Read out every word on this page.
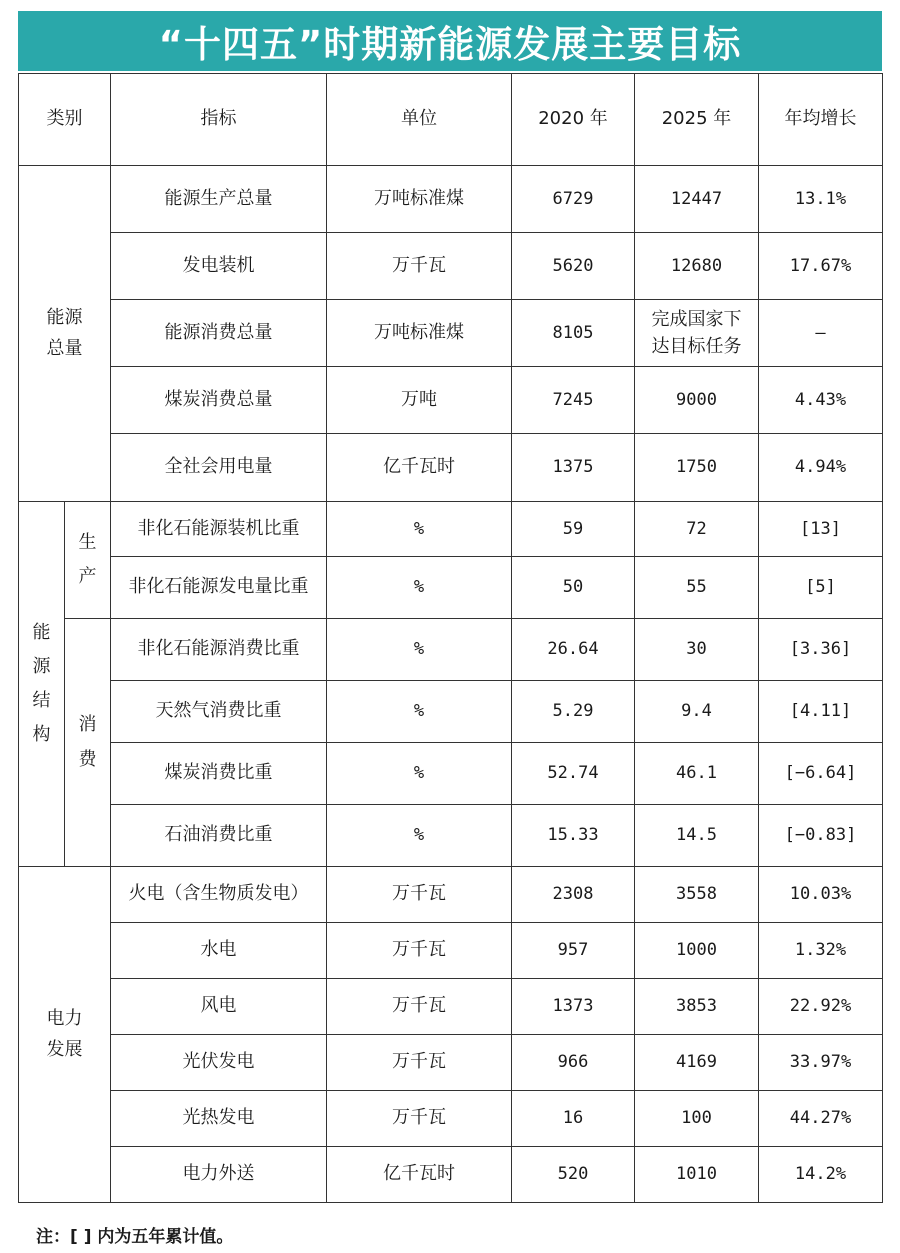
“十四五”时期新能源发展主要目标
类别		指标	单位	2020 年	2025 年	年均增长
能源总量		能源生产总量	万吨标准煤	6729	12447	13.1%
		发电装机	万千瓦	5620	12680	17.67%
		能源消费总量	万吨标准煤	8105	完成国家下达目标任务	—
		煤炭消费总量	万吨	7245	9000	4.43%
		全社会用电量	亿千瓦时	1375	1750	4.94%
能源结构	生产	非化石能源装机比重	%	59	72	[13]
		非化石能源发电量比重	%	50	55	[5]
	消费	非化石能源消费比重	%	26.64	30	[3.36]
		天然气消费比重	%	5.29	9.4	[4.11]
		煤炭消费比重	%	52.74	46.1	[−6.64]
		石油消费比重	%	15.33	14.5	[−0.83]
电力发展		火电（含生物质发电）	万千瓦	2308	3558	10.03%
		水电	万千瓦	957	1000	1.32%
		风电	万千瓦	1373	3853	22.92%
		光伏发电	万千瓦	966	4169	33.97%
		光热发电	万千瓦	16	100	44.27%
		电力外送	亿千瓦时	520	1010	14.2%
注：[ ] 内为五年累计值。
